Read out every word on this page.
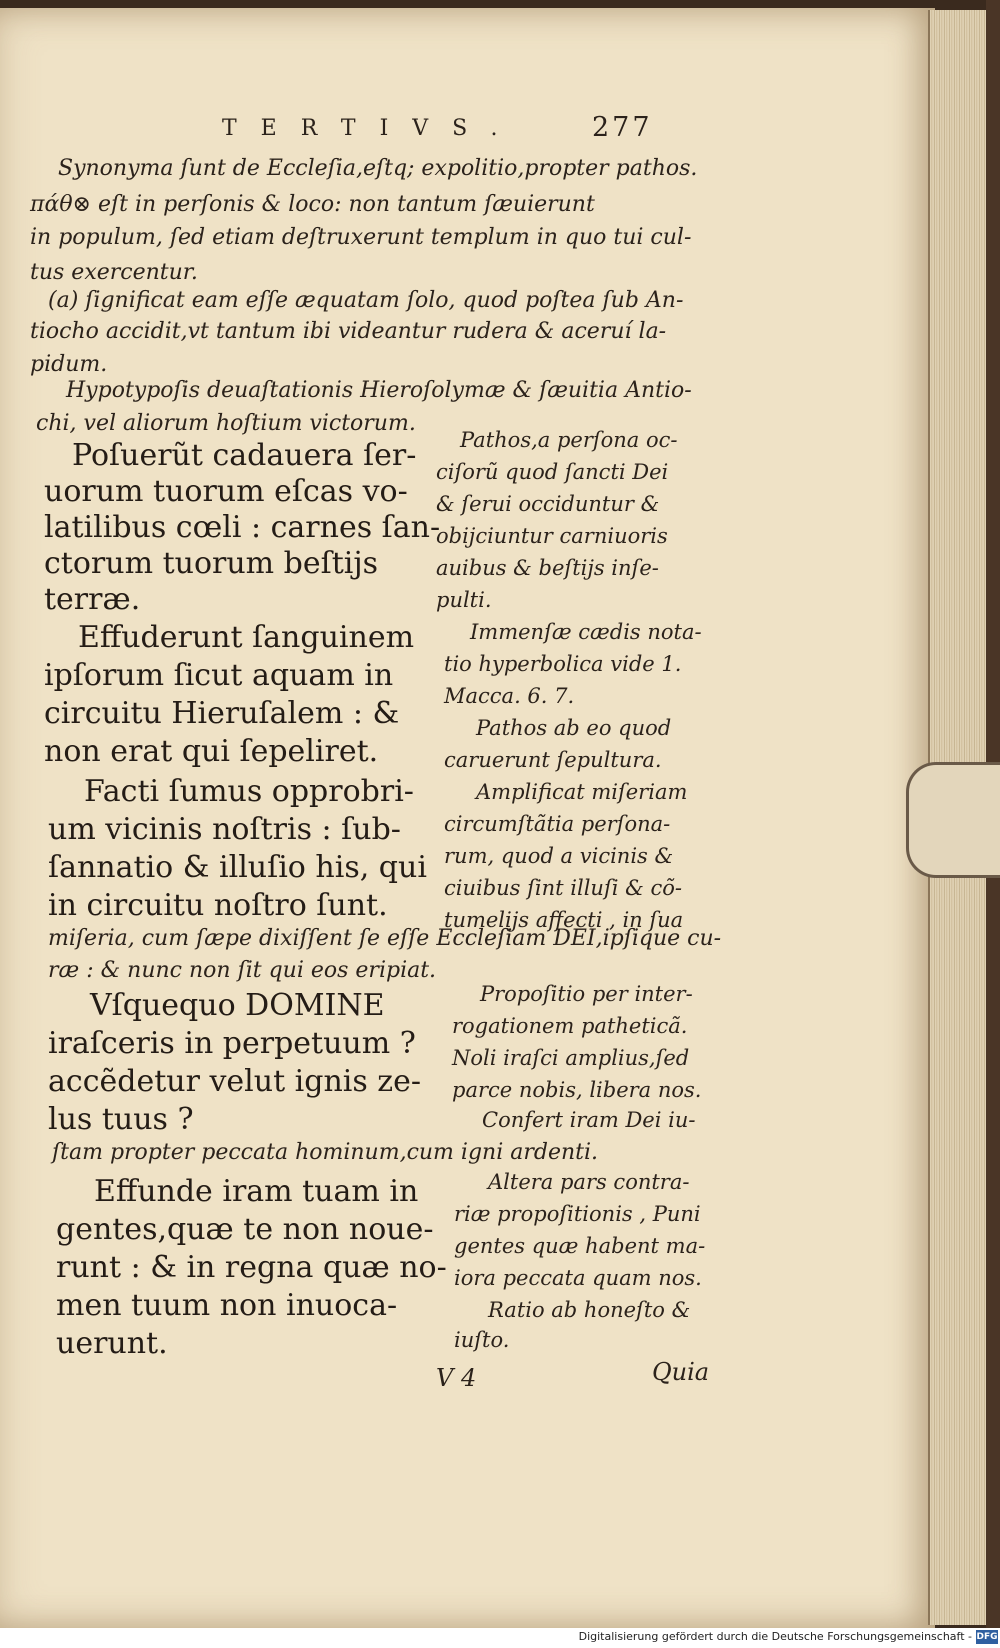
TERTIVS.	277
Synonyma ſunt de Eccleſia,eſtq; expolitio,propter pathos.
πάθ⊗ eſt in perſonis & loco: non tantum ſæuierunt
in populum, ſed etiam deſtruxerunt templum in quo tui cul-
tus exercentur.
(a) ſignificat eam eſſe æquatam ſolo, quod poſtea ſub An-
tiocho accidit,vt tantum ibi videantur rudera & aceruí la-
pidum.
Hypotypoſis deuaſtationis Hieroſolymæ & ſæuitia Antio-
chi, vel aliorum hoſtium victorum.
Poſuerũt cadauera ſer-
uorum tuorum eſcas vo-
latilibus cœli : carnes ſan-
ctorum tuorum beſtijs
terræ.
Pathos,a perſona oc-
ciſorũ quod ſancti Dei
& ſerui occiduntur &
obijciuntur carniuoris
auibus & beſtijs inſe-
pulti.
Immenſæ cædis nota-
tio hyperbolica vide 1.
Macca. 6. 7.
Pathos ab eo quod
caruerunt ſepultura.
Amplificat miſeriam
circumſtãtia perſona-
rum, quod a vicinis &
ciuibus ſint illuſi & cõ-
tumelijs affecti , in ſua
Effuderunt ſanguinem
ipſorum ſicut aquam in
circuitu Hieruſalem : &
non erat qui ſepeliret.
Facti ſumus opprobri-
um vicinis noſtris : ſub-
ſannatio & illuſio his, qui
in circuitu noſtro ſunt.
miſeria, cum ſæpe dixiſſent ſe eſſe Eccleſiam DEI,ipſique cu-
ræ : & nunc non ſit qui eos eripiat.
Vſquequo DOMINE
iraſceris in perpetuum ?
accẽdetur velut ignis ze-
lus tuus ?
Propoſitio per inter-
rogationem patheticã.
Noli iraſci amplius,ſed
parce nobis, libera nos.
Confert iram Dei iu-
ſtam propter peccata hominum,cum igni ardenti.
Effunde iram tuam in
gentes,quæ te non noue-
runt : & in regna quæ no-
men tuum non inuoca-
uerunt.
Altera pars contra-
riæ propoſitionis , Puni
gentes quæ habent ma-
iora peccata quam nos.
Ratio ab honeſto &
iuſto.
V 4	Quia
Digitalisierung gefördert durch die Deutsche Forschungsgemeinschaft - DFG
